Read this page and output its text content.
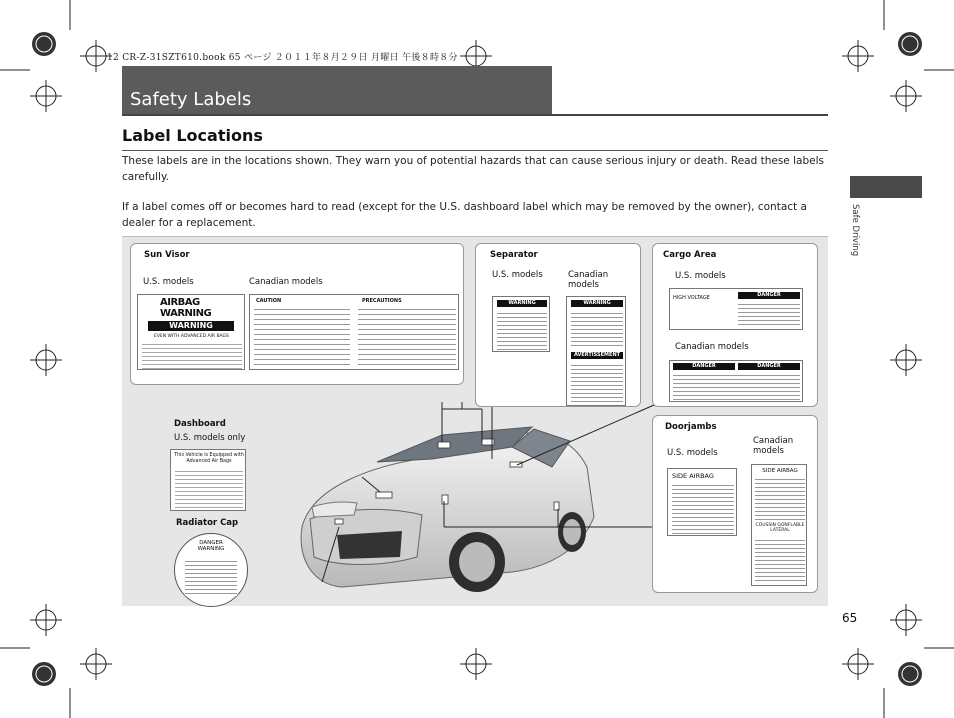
12 CR-Z-31SZT610.book 65 ページ ２０１１年８月２９日 月曜日 午後８時８分
Safety Labels
Label Locations
These labels are in the locations shown. They warn you of potential hazards that can cause serious injury or death. Read these labels carefully.
If a label comes off or becomes hard to read (except for the U.S. dashboard label which may be removed by the owner), contact a dealer for a replacement.	Safe Driving
Sun Visor
U.S. models	Canadian models
AIRBAG WARNING
WARNING
EVEN WITH ADVANCED AIR BAGS
CAUTION	PRECAUTIONS
Separator
U.S. models	Canadian models
WARNING	WARNING
AVERTISSEMENT
Cargo Area
U.S. models
HIGH VOLTAGE	DANGER
Canadian models
DANGER	DANGER
Dashboard
U.S. models only
This Vehicle is Equipped with
Advanced Air Bags
Radiator Cap
DANGER
WARNING
Doorjambs
U.S. models
Canadian models
SIDE AIRBAG
SIDE AIRBAG
COUSSIN GONFLABLE LATÉRAL
65
